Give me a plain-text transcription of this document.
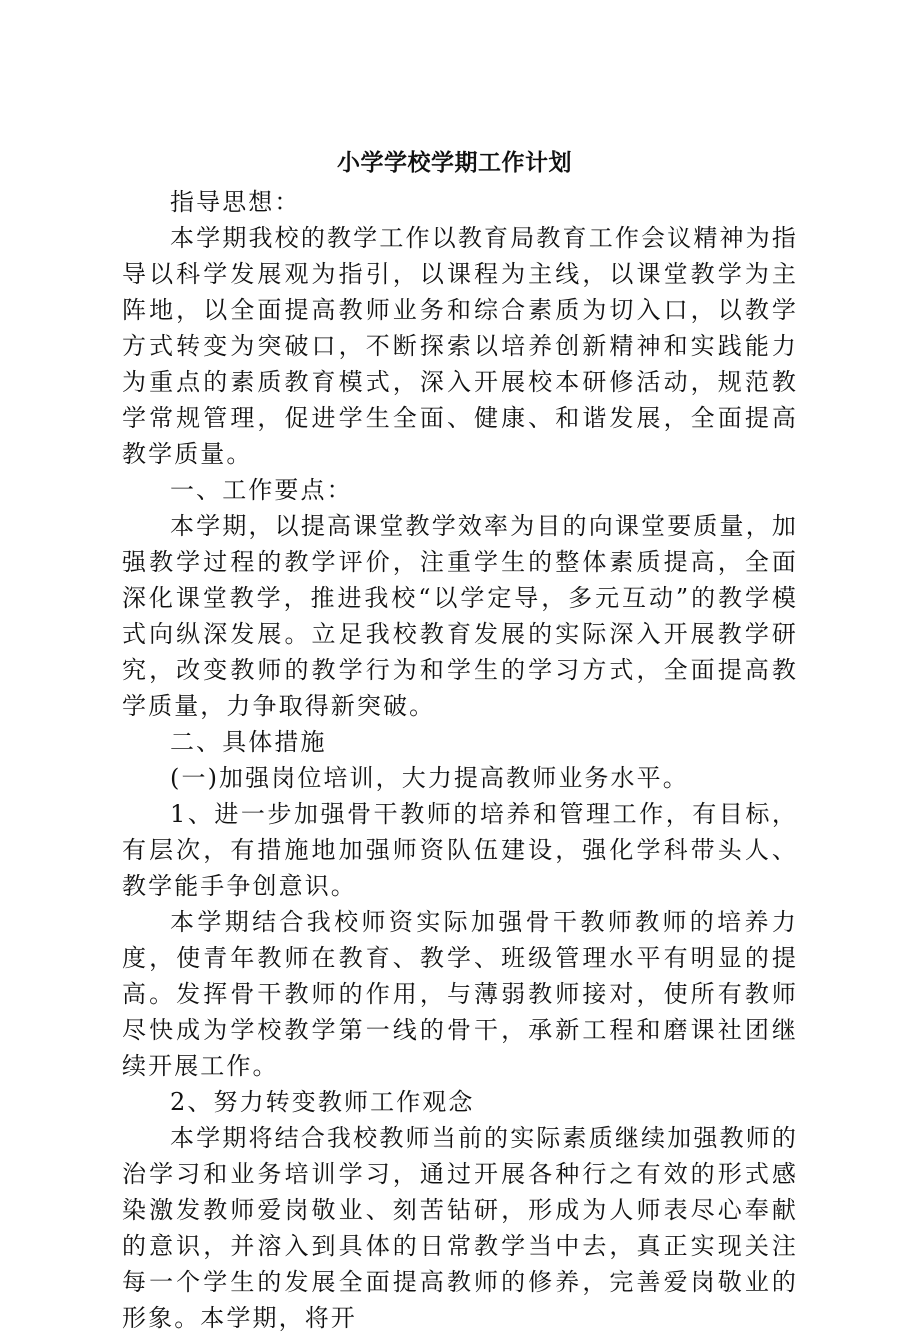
小学学校学期工作计划

指导思想：

本学期我校的教学工作以教育局教育工作会议精神为指导以科学发展观为指引，以课程为主线，以课堂教学为主阵地，以全面提高教师业务和综合素质为切入口，以教学方式转变为突破口，不断探索以培养创新精神和实践能力为重点的素质教育模式，深入开展校本研修活动，规范教学常规管理，促进学生全面、健康、和谐发展，全面提高教学质量。

一、工作要点：

本学期，以提高课堂教学效率为目的向课堂要质量，加强教学过程的教学评价，注重学生的整体素质提高，全面深化课堂教学，推进我校“以学定导，多元互动”的教学模式向纵深发展。立足我校教育发展的实际深入开展教学研究，改变教师的教学行为和学生的学习方式，全面提高教学质量，力争取得新突破。

二、具体措施

(一)加强岗位培训，大力提高教师业务水平。

1、进一步加强骨干教师的培养和管理工作，有目标，有层次，有措施地加强师资队伍建设，强化学科带头人、教学能手争创意识。

本学期结合我校师资实际加强骨干教师教师的培养力度，使青年教师在教育、教学、班级管理水平有明显的提高。发挥骨干教师的作用，与薄弱教师接对，使所有教师尽快成为学校教学第一线的骨干，承新工程和磨课社团继续开展工作。

2、努力转变教师工作观念

本学期将结合我校教师当前的实际素质继续加强教师的治学习和业务培训学习，通过开展各种行之有效的形式感染激发教师爱岗敬业、刻苦钻研，形成为人师表尽心奉献的意识，并溶入到具体的日常教学当中去，真正实现关注每一个学生的发展全面提高教师的修养，完善爱岗敬业的形象。本学期，将开
